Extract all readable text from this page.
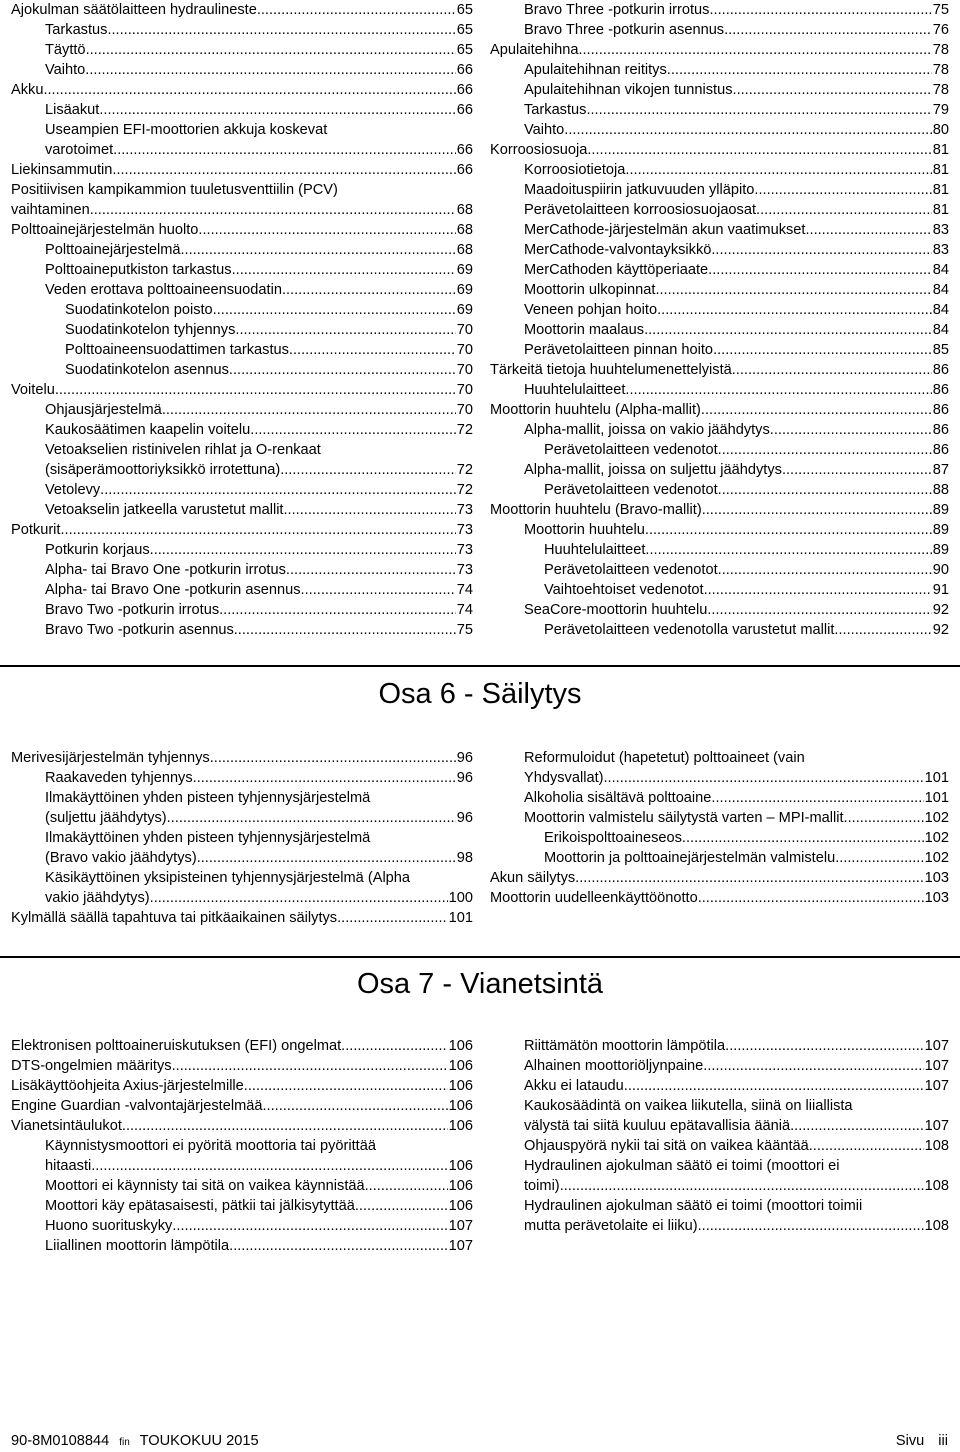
Ajokulman säätölaitteen hydraulineste .....	65
Tarkastus .....	65
Täyttö .....	65
Vaihto .....	66
Akku .....	66
Lisäakut .....	66
Useampien EFI-moottorien akkuja koskevat
varotoimet .....	66
Liekinsammutin .....	66
Positiivisen kampikammion tuuletusventtiilin (PCV)
vaihtaminen .....	68
Polttoainejärjestelmän huolto .....	68
Polttoainejärjestelmä .....	68
Polttoaineputkiston tarkastus .....	69
Veden erottava polttoaineensuodatin .....	69
Suodatinkotelon poisto .....	69
Suodatinkotelon tyhjennys .....	70
Polttoaineensuodattimen tarkastus .....	70
Suodatinkotelon asennus .....	70
Voitelu .....	70
Ohjausjärjestelmä .....	70
Kaukosäätimen kaapelin voitelu .....	72
Vetoakselien ristinivelen rihlat ja O-renkaat
(sisäperämoottoriyksikkö irrotettuna) .....	72
Vetolevy .....	72
Vetoakselin jatkeella varustetut mallit .....	73
Potkurit .....	73
Potkurin korjaus .....	73
Alpha- tai Bravo One -potkurin irrotus .....	73
Alpha- tai Bravo One -potkurin asennus .....	74
Bravo Two -potkurin irrotus .....	74
Bravo Two -potkurin asennus .....	75
Bravo Three -potkurin irrotus .....	75
Bravo Three -potkurin asennus .....	76
Apulaitehihna .....	78
Apulaitehihnan reititys .....	78
Apulaitehihnan vikojen tunnistus .....	78
Tarkastus .....	79
Vaihto .....	80
Korroosiosuoja .....	81
Korroosiotietoja .....	81
Maadoituspiirin jatkuvuuden ylläpito .....	81
Perävetolaitteen korroosiosuojaosat .....	81
MerCathode-järjestelmän akun vaatimukset .....	83
MerCathode-valvontayksikkö .....	83
MerCathoden käyttöperiaate .....	84
Moottorin ulkopinnat .....	84
Veneen pohjan hoito .....	84
Moottorin maalaus .....	84
Perävetolaitteen pinnan hoito .....	85
Tärkeitä tietoja huuhtelumenettelyistä .....	86
Huuhtelulaitteet .....	86
Moottorin huuhtelu (Alpha-mallit) .....	86
Alpha-mallit, joissa on vakio jäähdytys .....	86
Perävetolaitteen vedenotot .....	86
Alpha-mallit, joissa on suljettu jäähdytys .....	87
Perävetolaitteen vedenotot .....	88
Moottorin huuhtelu (Bravo-mallit) .....	89
Moottorin huuhtelu .....	89
Huuhtelulaitteet .....	89
Perävetolaitteen vedenotot .....	90
Vaihtoehtoiset vedenotot .....	91
SeaCore-moottorin huuhtelu .....	92
Perävetolaitteen vedenotolla varustetut mallit .....	92
Osa 6 - Säilytys
Merivesijärjestelmän tyhjennys .....	96
Raakaveden tyhjennys .....	96
Ilmakäyttöinen yhden pisteen tyhjennysjärjestelmä
(suljettu jäähdytys) .....	96
Ilmakäyttöinen yhden pisteen tyhjennysjärjestelmä
(Bravo vakio jäähdytys) .....	98
Käsikäyttöinen yksipisteinen tyhjennysjärjestelmä (Alpha
vakio jäähdytys) .....	100
Kylmällä säällä tapahtuva tai pitkäaikainen säilytys .....	101
Reformuloidut (hapetetut) polttoaineet (vain
Yhdysvallat) .....	101
Alkoholia sisältävä polttoaine .....	101
Moottorin valmistelu säilytystä varten – MPI-mallit .....	102
Erikoispolttoaineseos .....	102
Moottorin ja polttoainejärjestelmän valmistelu .....	102
Akun säilytys .....	103
Moottorin uudelleenkäyttöönotto .....	103
Osa 7 - Vianetsintä
Elektronisen polttoaineruiskutuksen (EFI) ongelmat .....	106
DTS-ongelmien määritys .....	106
Lisäkäyttöohjeita Axius-järjestelmille .....	106
Engine Guardian -valvontajärjestelmää .....	106
Vianetsintäulukot .....	106
Käynnistysmoottori ei pyöritä moottoria tai pyörittää
hitaasti .....	106
Moottori ei käynnisty tai sitä on vaikea käynnistää .....	106
Moottori käy epätasaisesti, pätkii tai jälkisytyttää .....	106
Huono suorituskyky .....	107
Liiallinen moottorin lämpötila .....	107
Riittämätön moottorin lämpötila .....	107
Alhainen moottoriöljynpaine .....	107
Akku ei lataudu .....	107
Kaukosäädintä on vaikea liikutella, siinä on liiallista
välystä tai siitä kuuluu epätavallisia ääniä .....	107
Ohjauspyörä nykii tai sitä on vaikea kääntää .....	108
Hydraulinen ajokulman säätö ei toimi (moottori ei
toimi) .....	108
Hydraulinen ajokulman säätö ei toimi (moottori toimii
mutta perävetolaite ei liiku) .....	108
90-8M0108844 fin TOUKOKUU 2015	Sivu iii
